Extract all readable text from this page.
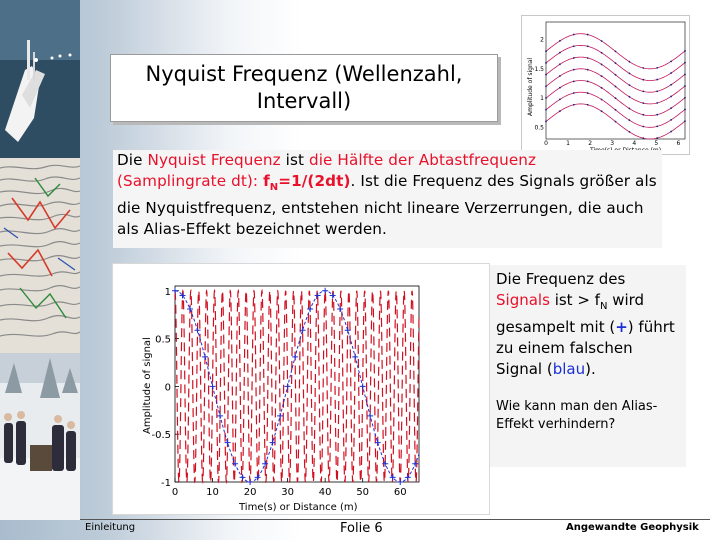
Nyquist Frequenz (Wellenzahl,
Intervall)	Amplitude of signal
0	1	2	3	4	5	6
0.5
1
1.5
2

Die Nyquist Frequenz ist die Hälfte der Abtastfrequenz
(Samplingrate dt): $f_N=1/(2dt)$. Ist die Frequenz des Signals größer als die Nyquistfrequenz, entstehen nicht lineare Verzerrungen, die auch als Alias-Effekt bezeichnet werden.

Amplitude of signal
Time(s) or Distance (m)
0	10 20 30 40 50 60
-1
-0.5
0
0.5
1

Die Frequenz des Signals ist > $f_N$ wird gesampelt mit (+) führt zu einem falschen Signal (blau).

Wie kann man den Alias-Effekt verhindern?

Einleitung	Folie 6	Angewandte Geophysik
